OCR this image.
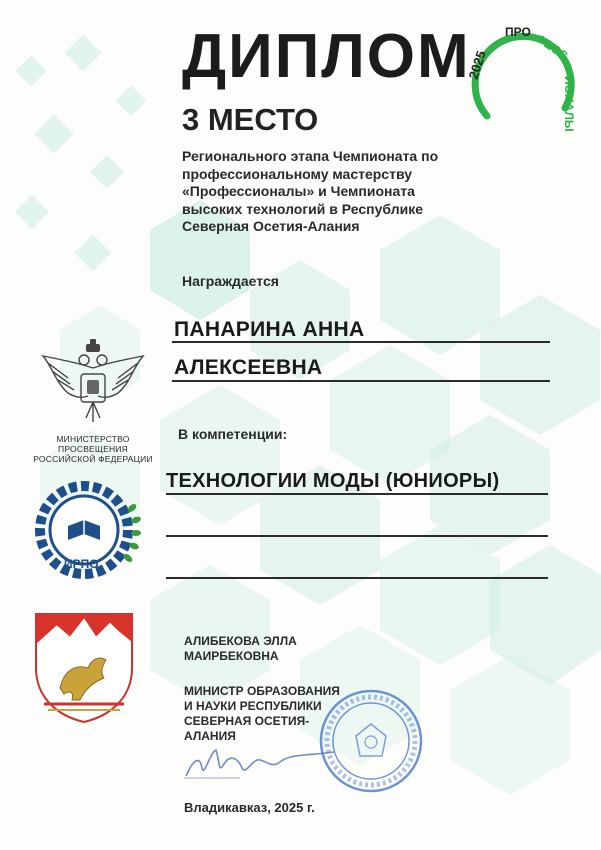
2025
ПРО ФЕСС
ИОНАЛЫ
ДИПЛОМ
3 МЕСТО
Регионального этапа Чемпионата по профессиональному мастерству «Профессионалы» и Чемпионата высоких технологий в Республике Северная Осетия-Алания
Награждается
ПАНАРИНА АННА
АЛЕКСЕЕВНА
В компетенции:
ТЕХНОЛОГИИ МОДЫ (ЮНИОРЫ)
МИНИСТЕРСТВО ПРОСВЕЩЕНИЯ
РОССИЙСКОЙ ФЕДЕРАЦИИ
ИРПО
АЛИБЕКОВА ЭЛЛА
МАИРБЕКОВНА
МИНИСТР ОБРАЗОВАНИЯ
И НАУКИ РЕСПУБЛИКИ
СЕВЕРНАЯ ОСЕТИЯ-
АЛАНИЯ
Владикавказ, 2025 г.
